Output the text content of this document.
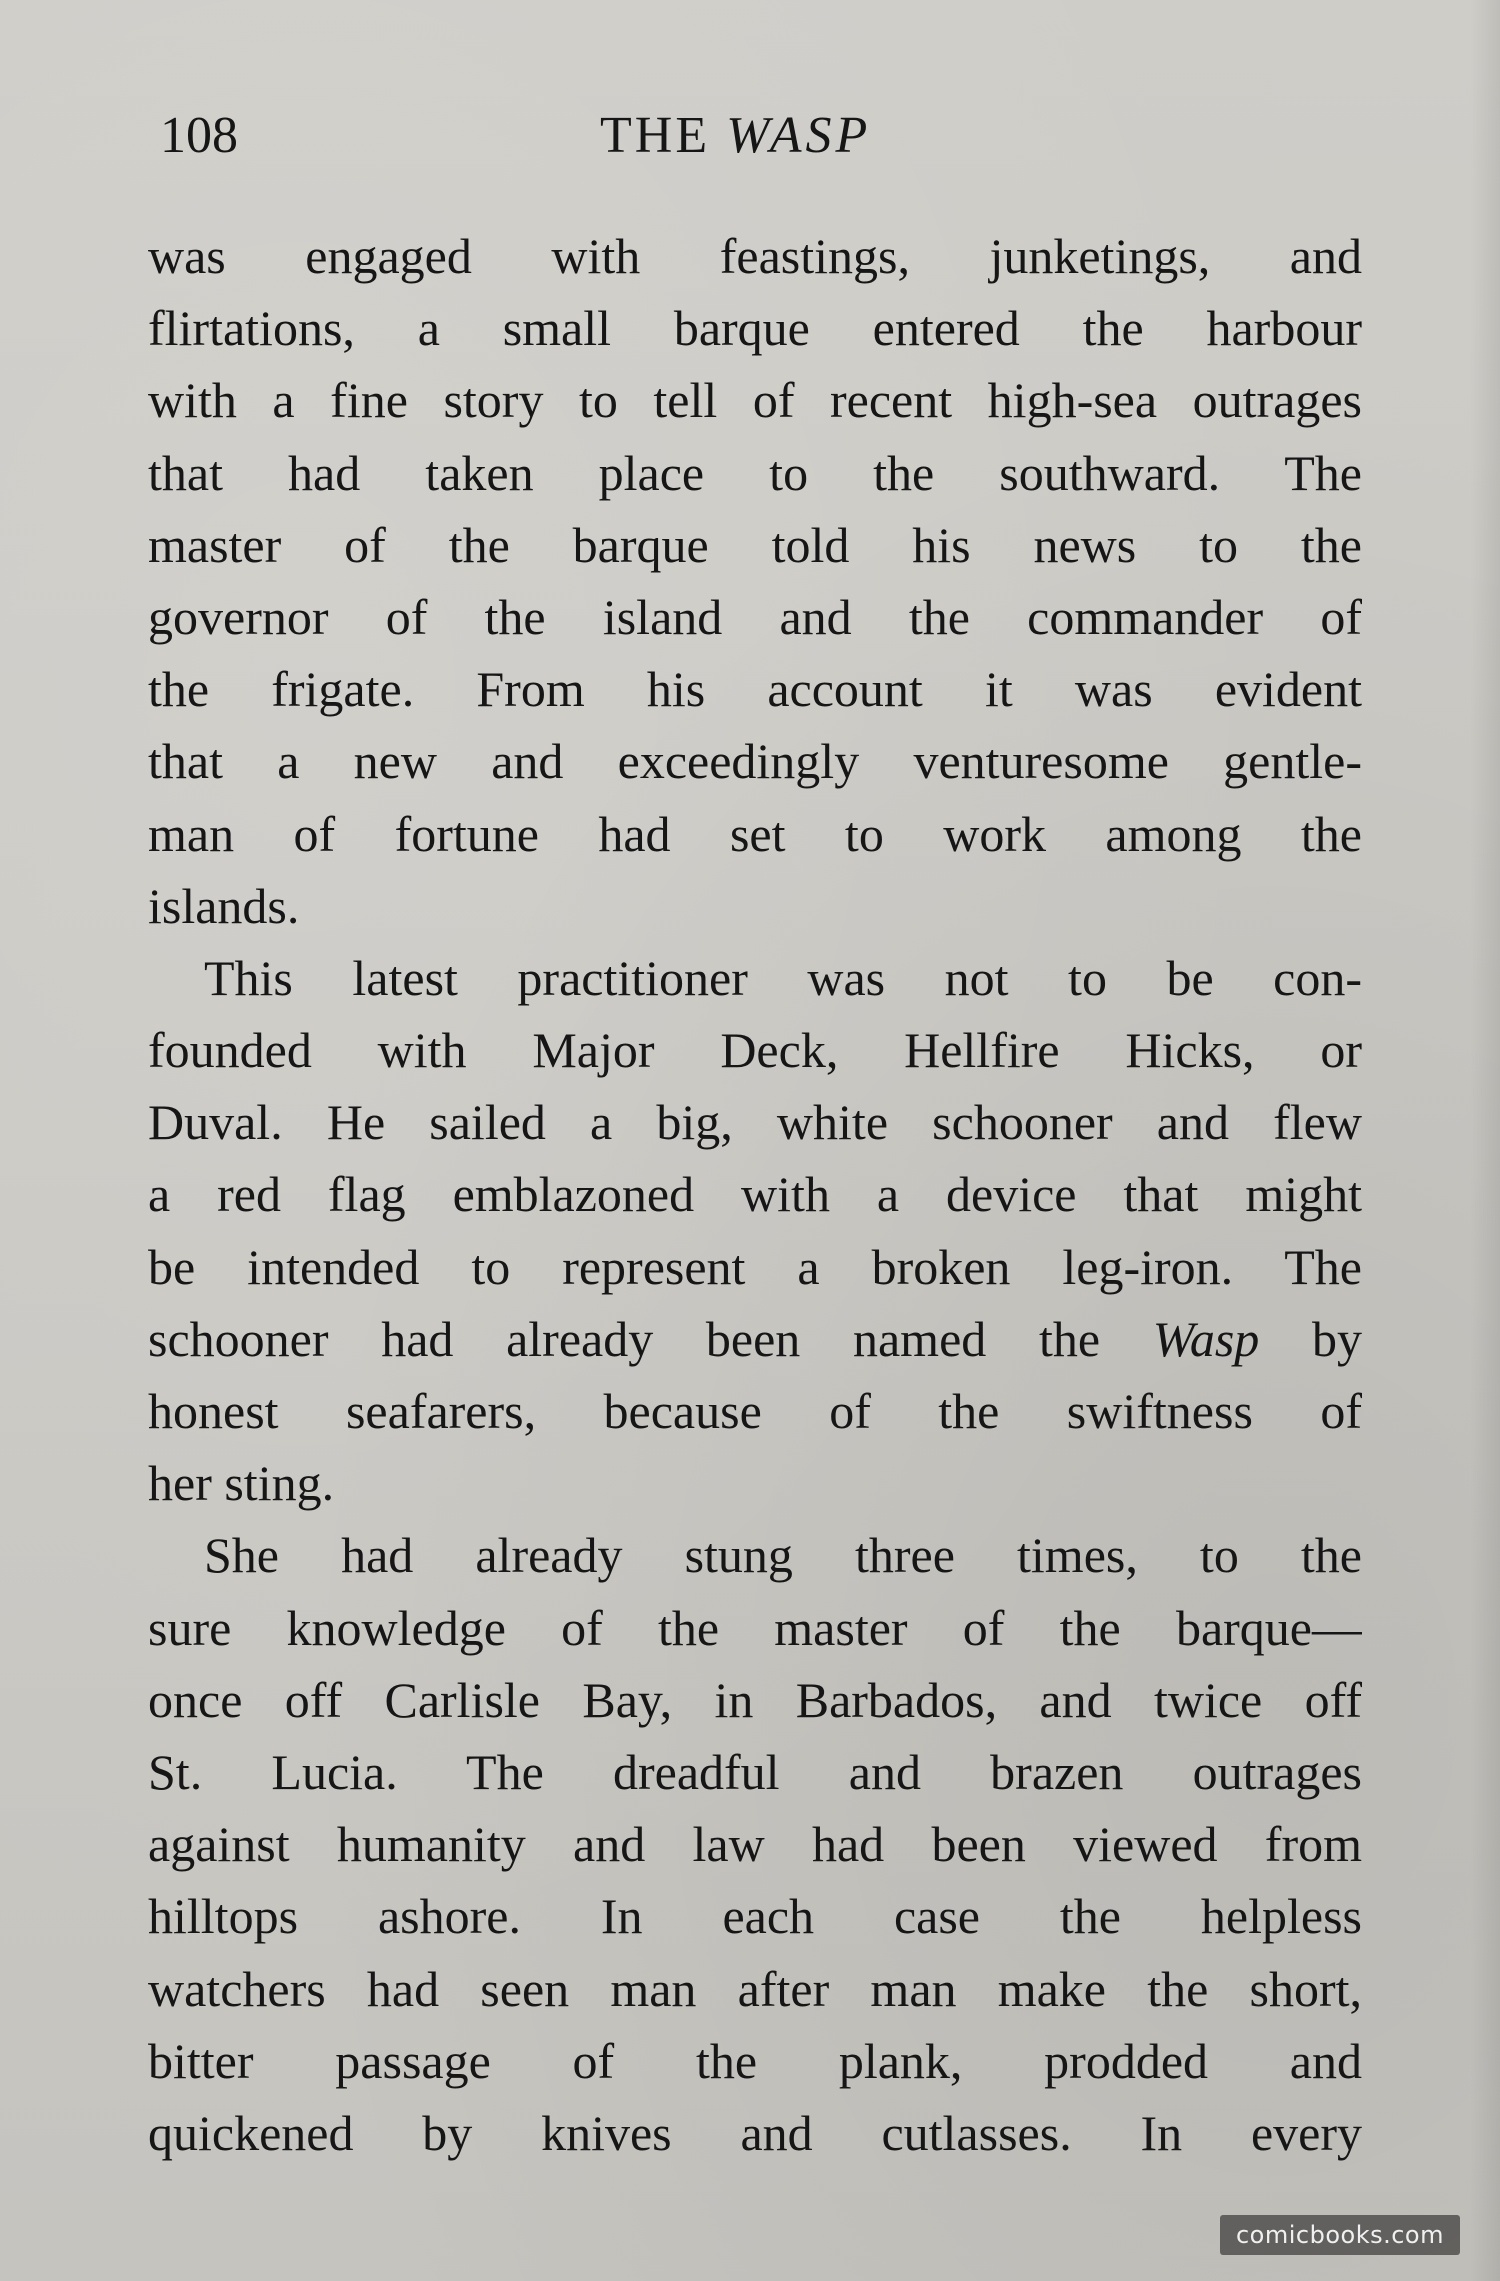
108	THE WASP
was engaged with feastings, junketings, and
flirtations, a small barque entered the harbour
with a fine story to tell of recent high-sea outrages
that had taken place to the southward. The
master of the barque told his news to the
governor of the island and the commander of
the frigate. From his account it was evident
that a new and exceedingly venturesome gentle-
man of fortune had set to work among the
islands.
This latest practitioner was not to be con-
founded with Major Deck, Hellfire Hicks, or
Duval. He sailed a big, white schooner and flew
a red flag emblazoned with a device that might
be intended to represent a broken leg-iron. The
schooner had already been named the Wasp by
honest seafarers, because of the swiftness of
her sting.
She had already stung three times, to the
sure knowledge of the master of the barque—
once off Carlisle Bay, in Barbados, and twice off
St. Lucia. The dreadful and brazen outrages
against humanity and law had been viewed from
hilltops ashore. In each case the helpless
watchers had seen man after man make the short,
bitter passage of the plank, prodded and
quickened by knives and cutlasses. In every
comicbooks.com
